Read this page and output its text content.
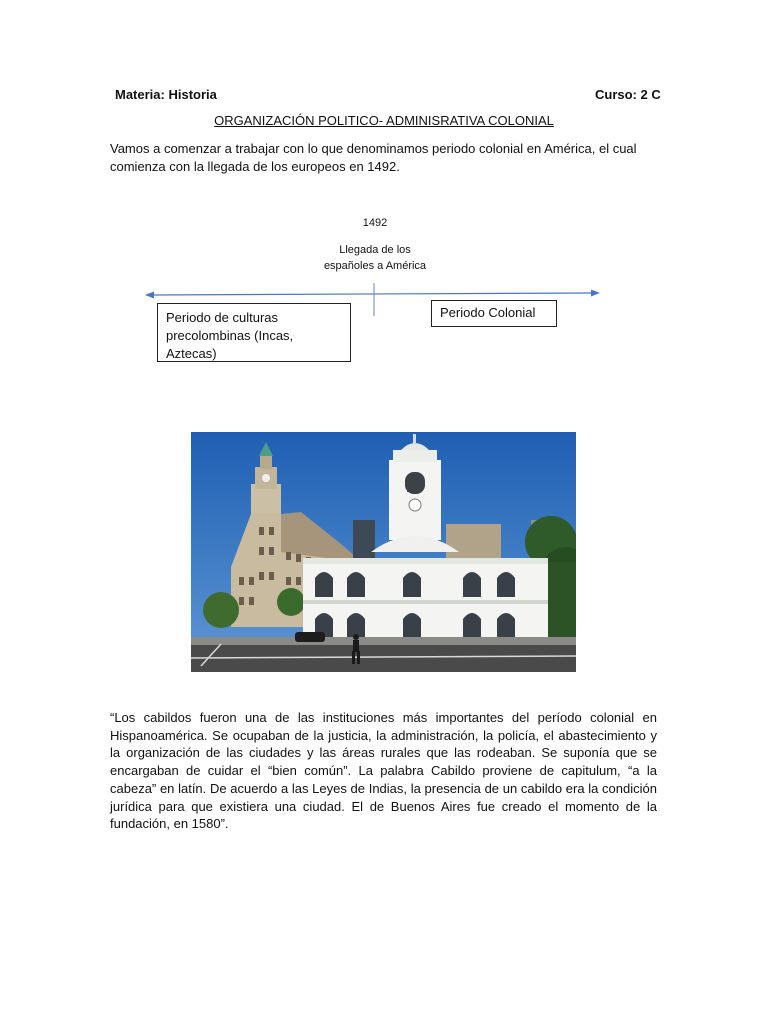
Materia: Historia	Curso: 2 C
ORGANIZACIÓN POLITICO- ADMINISRATIVA COLONIAL
Vamos a comenzar a trabajar con lo que denominamos periodo colonial en América, el cual comienza con la llegada de los europeos en 1492.
1492
Llegada de los
españoles a América
Periodo de culturas
precolombinas (Incas,
Aztecas)
Periodo Colonial
“Los cabildos fueron una de las instituciones más importantes del período colonial en Hispanoamérica. Se ocupaban de la justicia, la administración, la policía, el abastecimiento y la organización de las ciudades y las áreas rurales que las rodeaban. Se suponía que se encargaban de cuidar el “bien común”. La palabra Cabildo proviene de capitulum, “a la cabeza” en latín. De acuerdo a las Leyes de Indias, la presencia de un cabildo era la condición jurídica para que existiera una ciudad. El de Buenos Aires fue creado el momento de la fundación, en 1580”.
